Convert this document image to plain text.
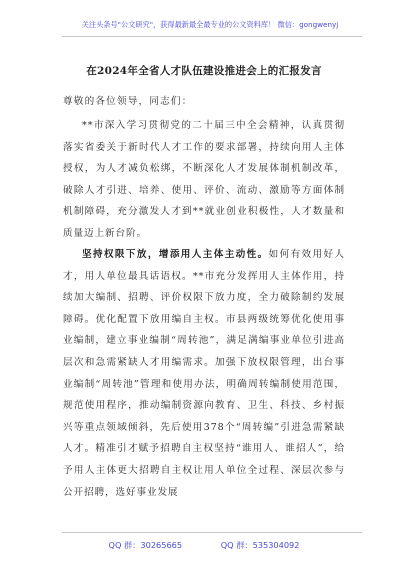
关注头条号"公文研究"，获得最新最全最专业的公文资料库！ 微信：gongwenyj
在2024年全省人才队伍建设推进会上的汇报发言
尊敬的各位领导，同志们：

**市深入学习贯彻党的二十届三中全会精神，认真贯彻落实省委关于新时代人才工作的要求部署，持续向用人主体授权，为人才减负松绑，不断深化人才发展体制机制改革，破除人才引进、培养、使用、评价、流动、激励等方面体制机制障碍，充分激发人才到**就业创业积极性，人才数量和质量迈上新台阶。

坚持权限下放，增添用人主体主动性。如何有效用好人才，用人单位最具话语权。**市充分发挥用人主体作用，持续加大编制、招聘、评价权限下放力度，全力破除制约发展障碍。优化配置下放用编自主权。市县两级统筹优化使用事业编制，建立事业编制“周转池”，满足满编事业单位引进高层次和急需紧缺人才用编需求。加强下放权限管理，出台事业编制“周转池”管理和使用办法，明确周转编制使用范围，规范使用程序，推动编制资源向教育、卫生、科技、乡村振兴等重点领域倾斜，先后使用378个“周转编”引进急需紧缺人才。精准引才赋予招聘自主权坚持“谁用人、谁招人”，给予用人主体更大招聘自主权让用人单位全过程、深层次参与公开招聘，选好事业发展

QQ 群：30265665	QQ 群：535304092
